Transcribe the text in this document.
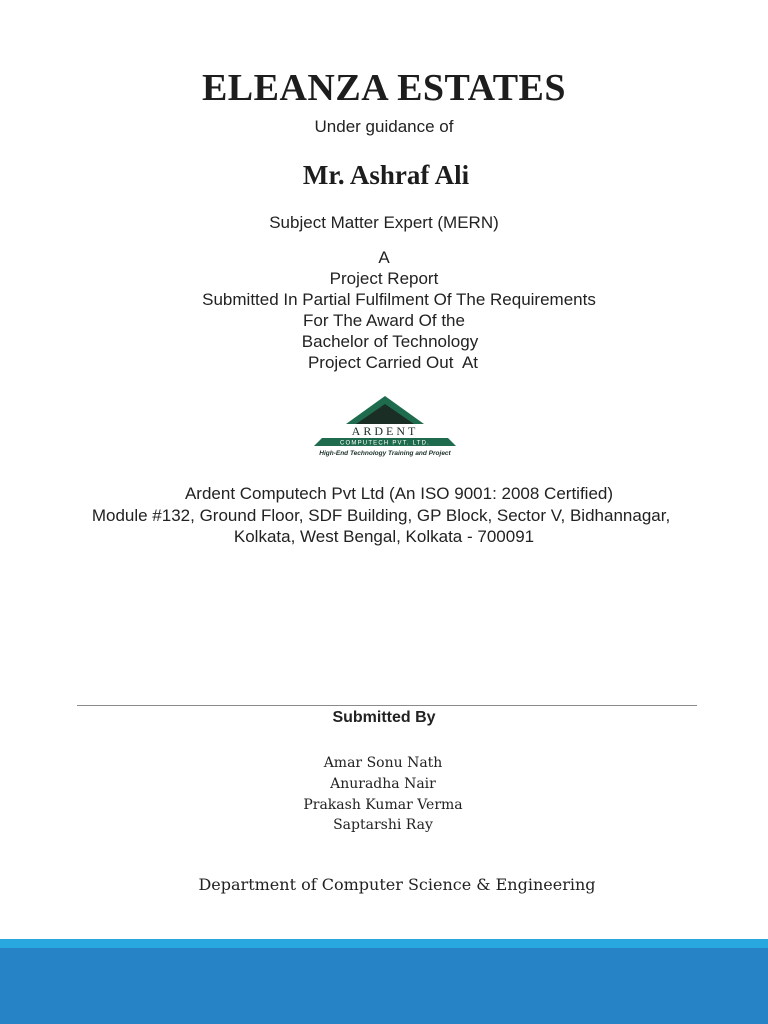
ELEANZA ESTATES
Under guidance of
Mr. Ashraf Ali
Subject Matter Expert (MERN)
A
Project Report
Submitted In Partial Fulfilment Of The Requirements
For The Award Of the
Bachelor of Technology
Project Carried Out  At
ARDENT
COMPUTECH PVT. LTD.
High-End Technology Training and Project
Ardent Computech Pvt Ltd (An ISO 9001: 2008 Certified)
Module #132, Ground Floor, SDF Building, GP Block, Sector V, Bidhannagar,
Kolkata, West Bengal, Kolkata - 700091
Submitted By
Amar Sonu Nath
Anuradha Nair
Prakash Kumar Verma
Saptarshi Ray
Department of Computer Science & Engineering
